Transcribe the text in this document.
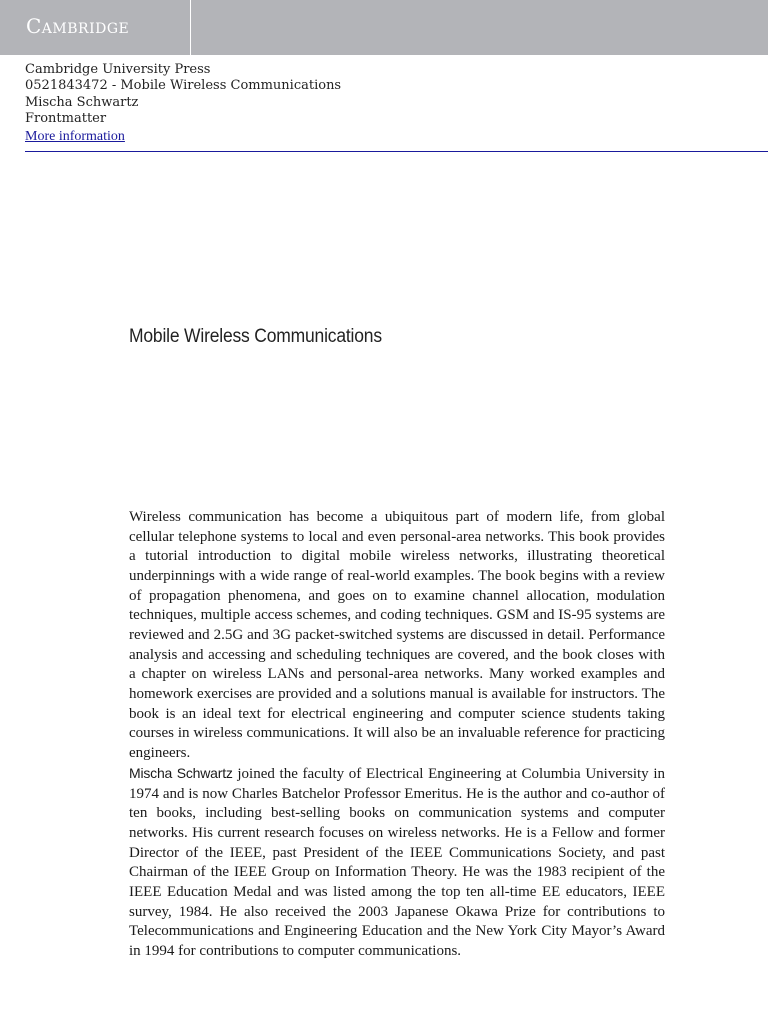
Cambridge
Cambridge University Press
0521843472 - Mobile Wireless Communications
Mischa Schwartz
Frontmatter
More information
Mobile Wireless Communications

Wireless communication has become a ubiquitous part of modern life, from global cellular telephone systems to local and even personal-area networks. This book provides a tutorial introduction to digital mobile wireless networks, illustrating theoretical underpinnings with a wide range of real-world examples. The book begins with a review of propagation phenomena, and goes on to examine channel allocation, modulation techniques, multiple access schemes, and coding techniques. GSM and IS-95 systems are reviewed and 2.5G and 3G packet-switched systems are discussed in detail. Performance analysis and accessing and scheduling techniques are covered, and the book closes with a chapter on wireless LANs and personal-area networks. Many worked examples and homework exercises are provided and a solutions manual is available for instructors. The book is an ideal text for electrical engineering and computer science students taking courses in wireless communications. It will also be an invaluable reference for practicing engineers.

Mischa Schwartz joined the faculty of Electrical Engineering at Columbia University in 1974 and is now Charles Batchelor Professor Emeritus. He is the author and co-author of ten books, including best-selling books on communication systems and computer networks. His current research focuses on wireless networks. He is a Fellow and former Director of the IEEE, past President of the IEEE Communications Society, and past Chairman of the IEEE Group on Information Theory. He was the 1983 recipient of the IEEE Education Medal and was listed among the top ten all-time EE educators, IEEE survey, 1984. He also received the 2003 Japanese Okawa Prize for contributions to Telecommunications and Engineering Education and the New York City Mayor’s Award in 1994 for contributions to computer communications.
